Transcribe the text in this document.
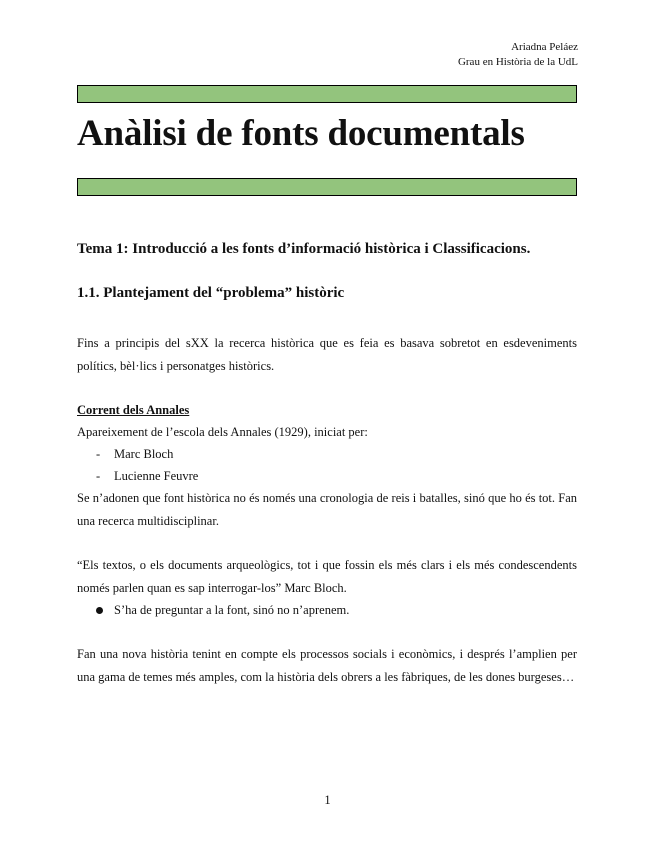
Ariadna Peláez
Grau en Història de la UdL
Anàlisi de fonts documentals
Tema 1: Introducció a les fonts d’informació històrica i Classificacions.
1.1. Plantejament del “problema” històric

Fins a principis del sXX la recerca històrica que es feia es basava sobretot en esdeveniments polítics, bèl·lics i personatges històrics.

Corrent dels Annales
Apareixement de l’escola dels Annales (1929), iniciat per:
- Marc Bloch
- Lucienne Feuvre

Se n’adonen que font històrica no és només una cronologia de reis i batalles, sinó que ho és tot. Fan una recerca multidisciplinar.

“Els textos, o els documents arqueològics, tot i que fossin els més clars i els més condescendents només parlen quan es sap interrogar-los” Marc Bloch.

S’ha de preguntar a la font, sinó no n’aprenem.

Fan una nova història tenint en compte els processos socials i econòmics, i després l’amplien per una gama de temes més amples, com la història dels obrers a les fàbriques, de les dones burgeses…

1
